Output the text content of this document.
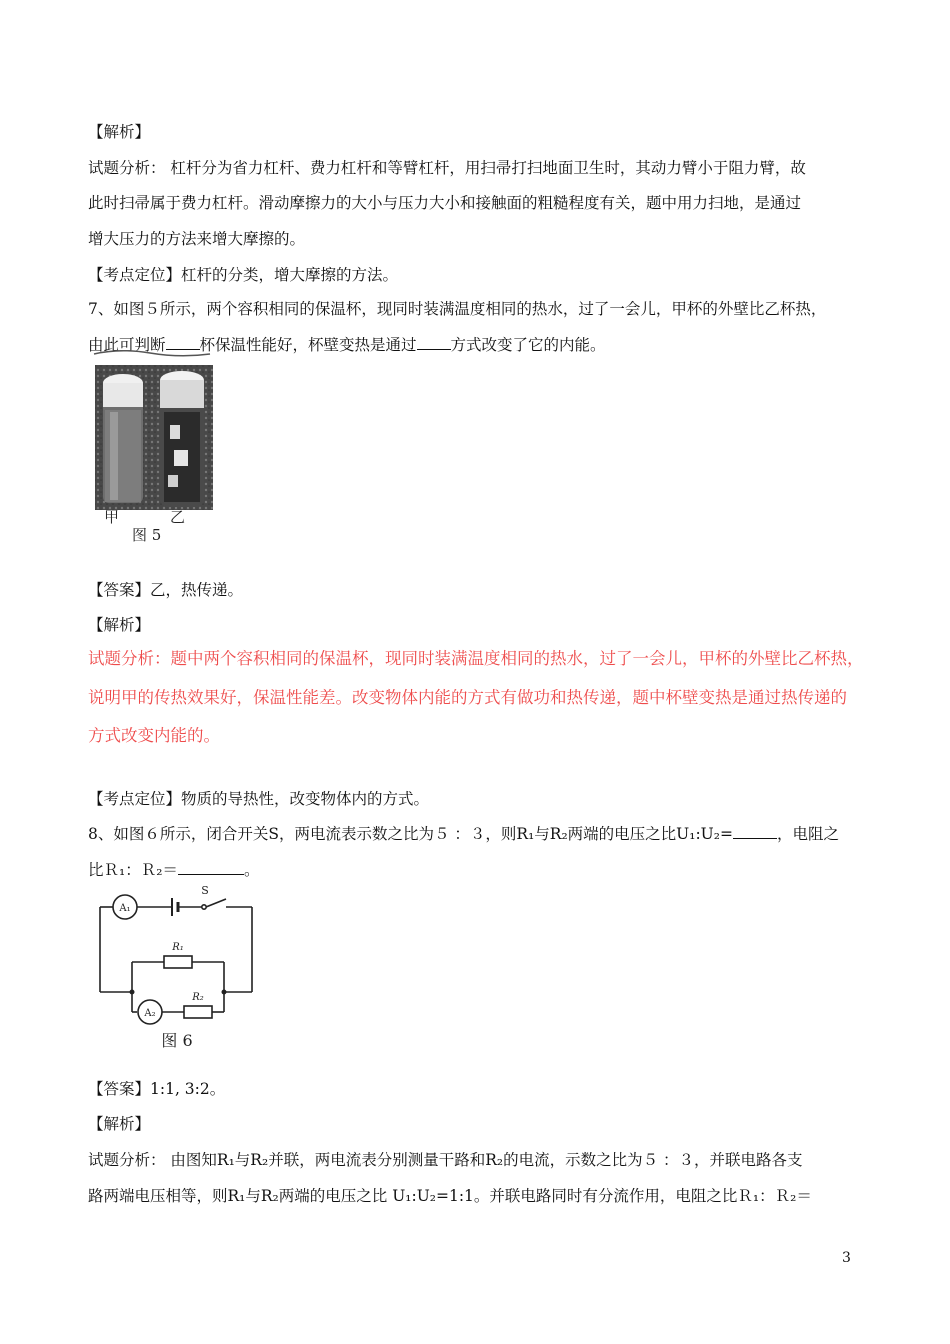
【解析】
试题分析： 杠杆分为省力杠杆、费力杠杆和等臂杠杆，用扫帚打扫地面卫生时，其动力臂小于阻力臂，故
此时扫帚属于费力杠杆。滑动摩擦力的大小与压力大小和接触面的粗糙程度有关，题中用力扫地，是通过
增大压力的方法来增大摩擦的。
【考点定位】杠杆的分类，增大摩擦的方法。
7、如图５所示，两个容积相同的保温杯，现同时装满温度相同的热水，过了一会儿，甲杯的外壁比乙杯热，
由此可判断 杯保温性能好，杯壁变热是通过 方式改变了它的内能。
甲	乙
图 5
【答案】乙，热传递。
【解析】
试题分析：题中两个容积相同的保温杯，现同时装满温度相同的热水，过了一会儿，甲杯的外壁比乙杯热，
说明甲的传热效果好，保温性能差。改变物体内能的方式有做功和热传递，题中杯壁变热是通过热传递的
方式改变内能的。
【考点定位】物质的导热性，改变物体内的方式。
8、如图６所示，闭合开关S，两电流表示数之比为５ ：３，则R₁与R₂两端的电压之比U₁:U₂=	，电阻之
比Ｒ₁：Ｒ₂＝	。
A₁
A₂
S
R₁
R₂
图 6
【答案】1:1, 3:2。
【解析】
试题分析： 由图知R₁与R₂并联，两电流表分别测量干路和R₂的电流，示数之比为５ ：３，并联电路各支
路两端电压相等，则R₁与R₂两端的电压之比 U₁:U₂=1:1。并联电路同时有分流作用，电阻之比Ｒ₁：Ｒ₂＝
3
